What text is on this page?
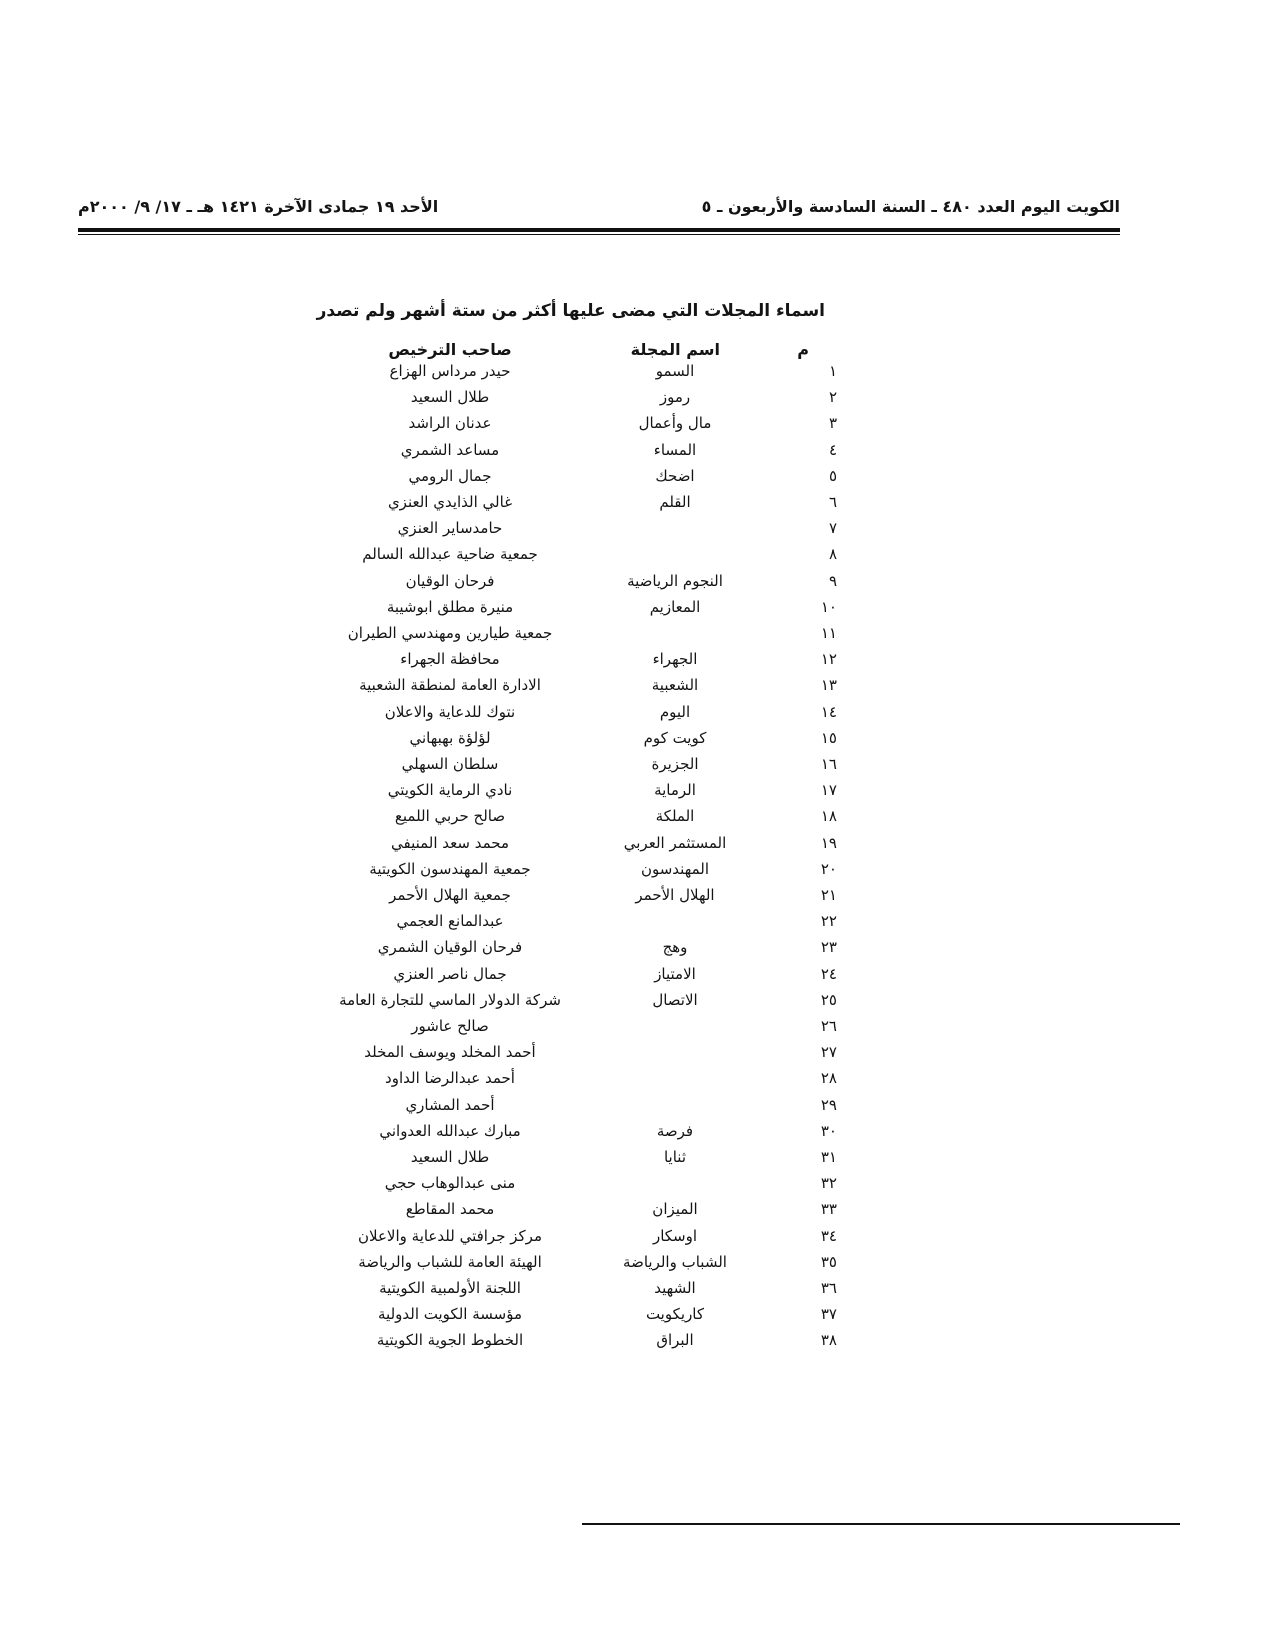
الكويت اليوم العدد ٤٨٠ ـ السنة السادسة والأربعون ـ ٥
الأحد ١٩ جمادى الآخرة ١٤٢١ هـ ـ ١٧/ ٩/ ٢٠٠٠م
اسماء المجلات التي مضى عليها أكثر من ستة أشهر ولم تصدر
م
اسم المجلة
صاحب الترخيص
١
السمو
حيدر مرداس الهزاع
٢
رموز
طلال السعيد
٣
مال وأعمال
عدنان الراشد
٤
المساء
مساعد الشمري
٥
اضحك
جمال الرومي
٦
القلم
غالي الذايدي العنزي
٧
حامدساير العنزي
٨
جمعية ضاحية عبدالله السالم
٩
النجوم الرياضية
فرحان الوقيان
١٠
المعازيم
منيرة مطلق ابوشيبة
١١
جمعية طيارين ومهندسي الطيران
١٢
الجهراء
محافظة الجهراء
١٣
الشعبية
الادارة العامة لمنطقة الشعبية
١٤
اليوم
نتوك للدعاية والاعلان
١٥
كويت كوم
لؤلؤة بهبهاني
١٦
الجزيرة
سلطان السهلي
١٧
الرماية
نادي الرماية الكويتي
١٨
الملكة
صالح حربي اللميع
١٩
المستثمر العربي
محمد سعد المنيفي
٢٠
المهندسون
جمعية المهندسون الكويتية
٢١
الهلال الأحمر
جمعية الهلال الأحمر
٢٢
عبدالمانع العجمي
٢٣
وهج
فرحان الوقيان الشمري
٢٤
الامتياز
جمال ناصر العنزي
٢٥
الاتصال
شركة الدولار الماسي للتجارة العامة
٢٦
صالح عاشور
٢٧
أحمد المخلد ويوسف المخلد
٢٨
أحمد عبدالرضا الداود
٢٩
أحمد المشاري
٣٠
فرصة
مبارك عبدالله العدواني
٣١
ثنايا
طلال السعيد
٣٢
منى عبدالوهاب حجي
٣٣
الميزان
محمد المقاطع
٣٤
اوسكار
مركز جرافتي للدعاية والاعلان
٣٥
الشباب والرياضة
الهيئة العامة للشباب والرياضة
٣٦
الشهيد
اللجنة الأولمبية الكويتية
٣٧
كاريكويت
مؤسسة الكويت الدولية
٣٨
البراق
الخطوط الجوية الكويتية
